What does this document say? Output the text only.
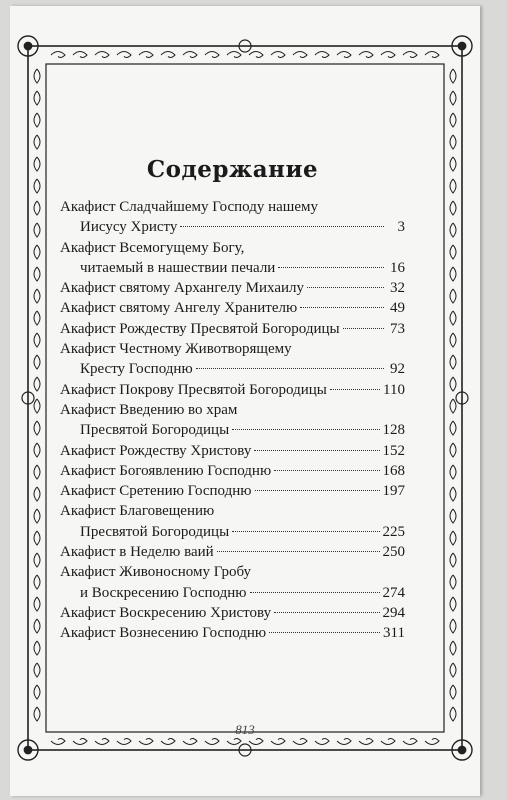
Содержание
Акафист Сладчайшему Господу нашему
Иисусу Христу	3
Акафист Всемогущему Богу,
читаемый в нашествии печали	16
Акафист святому Архангелу Михаилу	32
Акафист святому Ангелу Хранителю	49
Акафист Рождеству Пресвятой Богородицы	73
Акафист Честному Животворящему
Кресту Господню	92
Акафист Покрову Пресвятой Богородицы	110
Акафист Введению во храм
Пресвятой Богородицы	128
Акафист Рождеству Христову	152
Акафист Богоявлению Господню	168
Акафист Сретению Господню	197
Акафист Благовещению
Пресвятой Богородицы	225
Акафист в Неделю ваий	250
Акафист Живоносному Гробу
и Воскресению Господню	274
Акафист Воскресению Христову	294
Акафист Вознесению Господню	311
813
